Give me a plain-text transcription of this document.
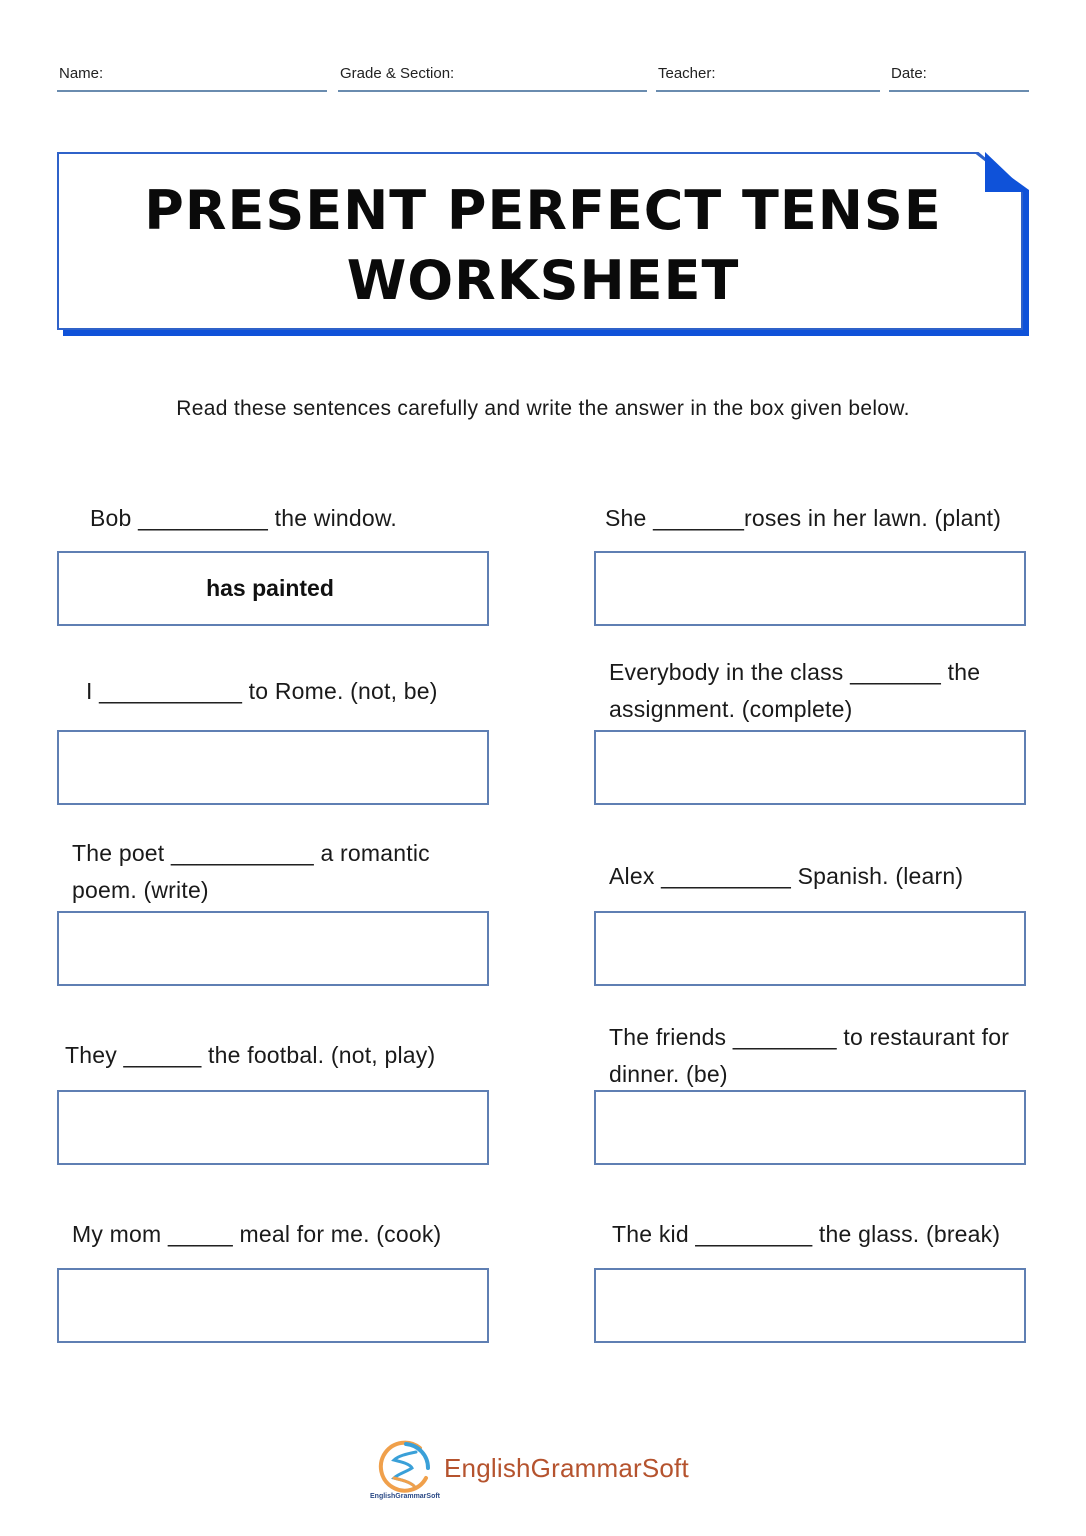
Name:	Grade & Section:	Teacher:	Date:
PRESENT PERFECT TENSE
WORKSHEET
Read these sentences carefully and write the answer in the box given below.
Bob __________ the window.
has painted
She _______roses in her lawn. (plant)
I ___________ to Rome. (not, be)
Everybody in the class _______ the assignment. (complete)
The poet ___________ a romantic poem. (write)
Alex __________ Spanish. (learn)
They ______ the footbal. (not, play)
The friends ________ to restaurant for dinner. (be)
My mom _____ meal for me. (cook)	The kid _________ the glass. (break)
EnglishGrammarSoft
EnglishGrammarSoft
